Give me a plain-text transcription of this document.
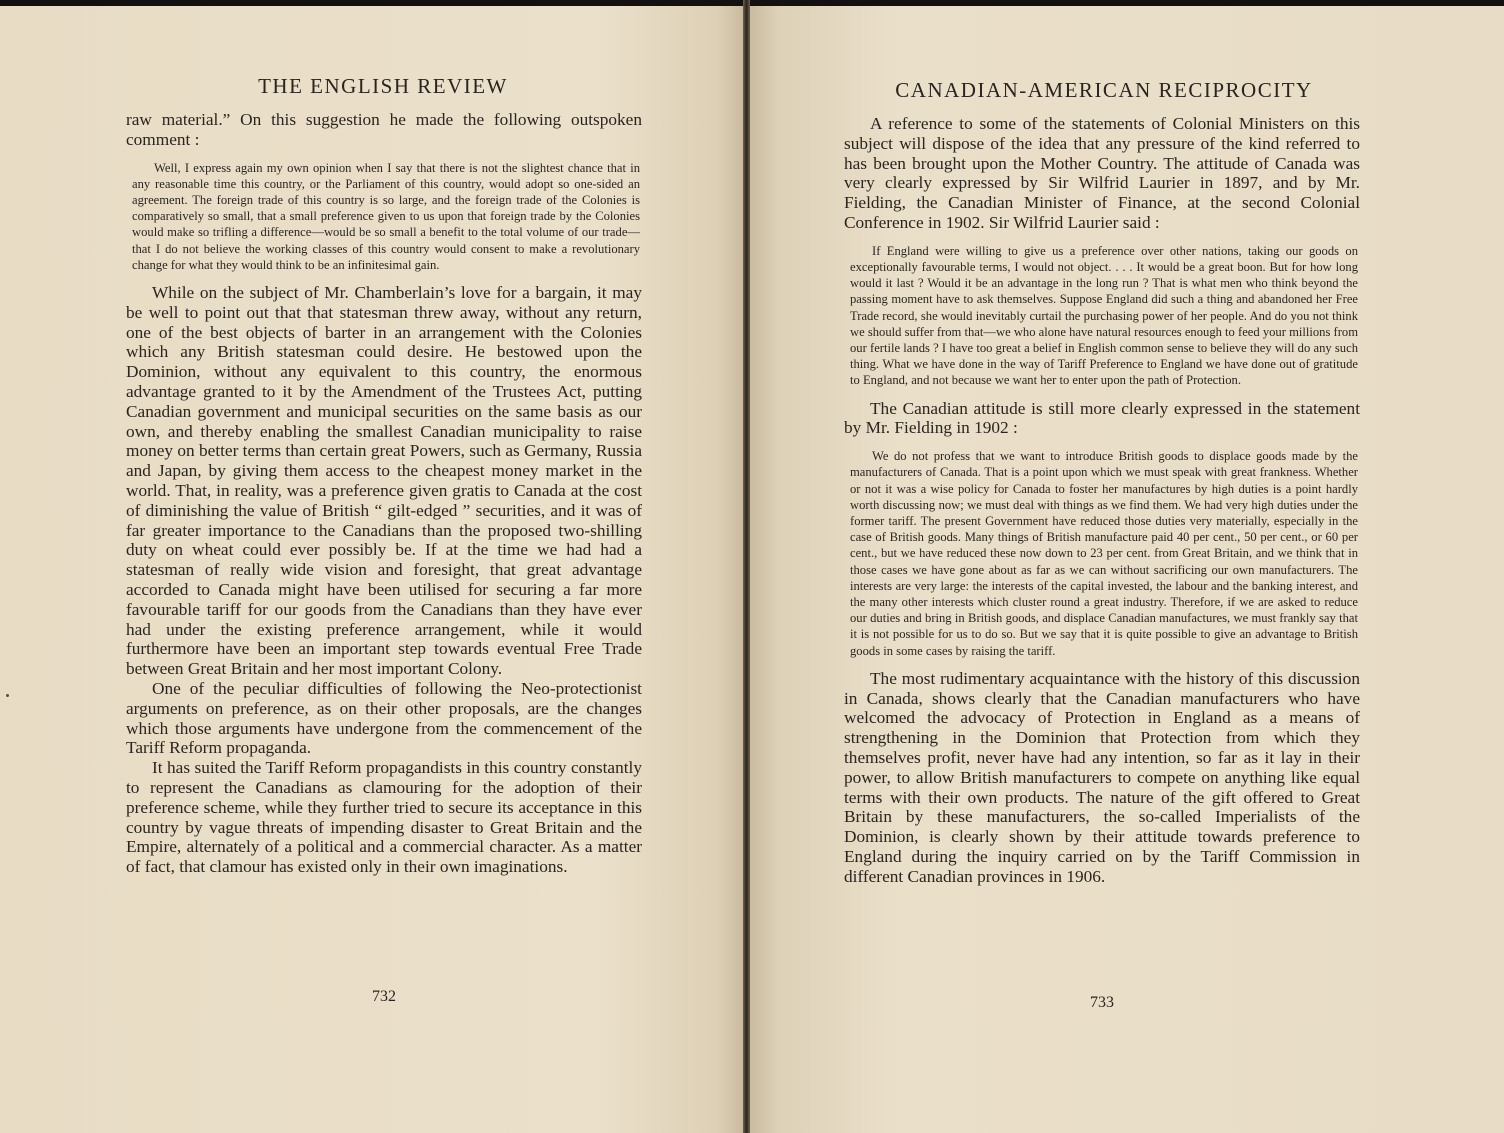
THE ENGLISH REVIEW

raw material.” On this suggestion he made the following outspoken comment :

Well, I express again my own opinion when I say that there is not the slightest chance that in any reasonable time this country, or the Parliament of this country, would adopt so one-sided an agreement. The foreign trade of this country is so large, and the foreign trade of the Colonies is comparatively so small, that a small preference given to us upon that foreign trade by the Colonies would make so trifling a difference—would be so small a benefit to the total volume of our trade—that I do not believe the working classes of this country would consent to make a revolutionary change for what they would think to be an infinitesimal gain.

While on the subject of Mr. Chamberlain’s love for a bargain, it may be well to point out that that statesman threw away, without any return, one of the best objects of barter in an arrangement with the Colonies which any British statesman could desire. He bestowed upon the Dominion, without any equivalent to this country, the enormous advantage granted to it by the Amendment of the Trustees Act, putting Canadian government and municipal securities on the same basis as our own, and thereby enabling the smallest Canadian municipality to raise money on better terms than certain great Powers, such as Germany, Russia and Japan, by giving them access to the cheapest money market in the world. That, in reality, was a preference given gratis to Canada at the cost of diminishing the value of British “ gilt-edged ” securities, and it was of far greater importance to the Canadians than the proposed two-shilling duty on wheat could ever possibly be. If at the time we had had a statesman of really wide vision and foresight, that great advantage accorded to Canada might have been utilised for securing a far more favourable tariff for our goods from the Canadians than they have ever had under the existing preference arrangement, while it would furthermore have been an important step towards eventual Free Trade between Great Britain and her most important Colony.

One of the peculiar difficulties of following the Neo-protectionist arguments on preference, as on their other proposals, are the changes which those arguments have undergone from the commencement of the Tariff Reform propaganda.

It has suited the Tariff Reform propagandists in this country constantly to represent the Canadians as clamouring for the adoption of their preference scheme, while they further tried to secure its acceptance in this country by vague threats of impending disaster to Great Britain and the Empire, alternately of a political and a commercial character. As a matter of fact, that clamour has existed only in their own imaginations.

732
CANADIAN-AMERICAN RECIPROCITY

A reference to some of the statements of Colonial Ministers on this subject will dispose of the idea that any pressure of the kind referred to has been brought upon the Mother Country. The attitude of Canada was very clearly expressed by Sir Wilfrid Laurier in 1897, and by Mr. Fielding, the Canadian Minister of Finance, at the second Colonial Conference in 1902. Sir Wilfrid Laurier said :

If England were willing to give us a preference over other nations, taking our goods on exceptionally favourable terms, I would not object. . . . It would be a great boon. But for how long would it last ? Would it be an advantage in the long run ? That is what men who think beyond the passing moment have to ask themselves. Suppose England did such a thing and abandoned her Free Trade record, she would inevitably curtail the purchasing power of her people. And do you not think we should suffer from that—we who alone have natural resources enough to feed your millions from our fertile lands ? I have too great a belief in English common sense to believe they will do any such thing. What we have done in the way of Tariff Preference to England we have done out of gratitude to England, and not because we want her to enter upon the path of Protection.

The Canadian attitude is still more clearly expressed in the statement by Mr. Fielding in 1902 :

We do not profess that we want to introduce British goods to displace goods made by the manufacturers of Canada. That is a point upon which we must speak with great frankness. Whether or not it was a wise policy for Canada to foster her manufactures by high duties is a point hardly worth discussing now; we must deal with things as we find them. We had very high duties under the former tariff. The present Government have reduced those duties very materially, especially in the case of British goods. Many things of British manufacture paid 40 per cent., 50 per cent., or 60 per cent., but we have reduced these now down to 23 per cent. from Great Britain, and we think that in those cases we have gone about as far as we can without sacrificing our own manufacturers. The interests are very large: the interests of the capital invested, the labour and the banking interest, and the many other interests which cluster round a great industry. Therefore, if we are asked to reduce our duties and bring in British goods, and displace Canadian manufactures, we must frankly say that it is not possible for us to do so. But we say that it is quite possible to give an advantage to British goods in some cases by raising the tariff.

The most rudimentary acquaintance with the history of this discussion in Canada, shows clearly that the Canadian manufacturers who have welcomed the advocacy of Protection in England as a means of strengthening in the Dominion that Protection from which they themselves profit, never have had any intention, so far as it lay in their power, to allow British manufacturers to compete on anything like equal terms with their own products. The nature of the gift offered to Great Britain by these manufacturers, the so-called Imperialists of the Dominion, is clearly shown by their attitude towards preference to England during the inquiry carried on by the Tariff Commission in different Canadian provinces in 1906.

733
